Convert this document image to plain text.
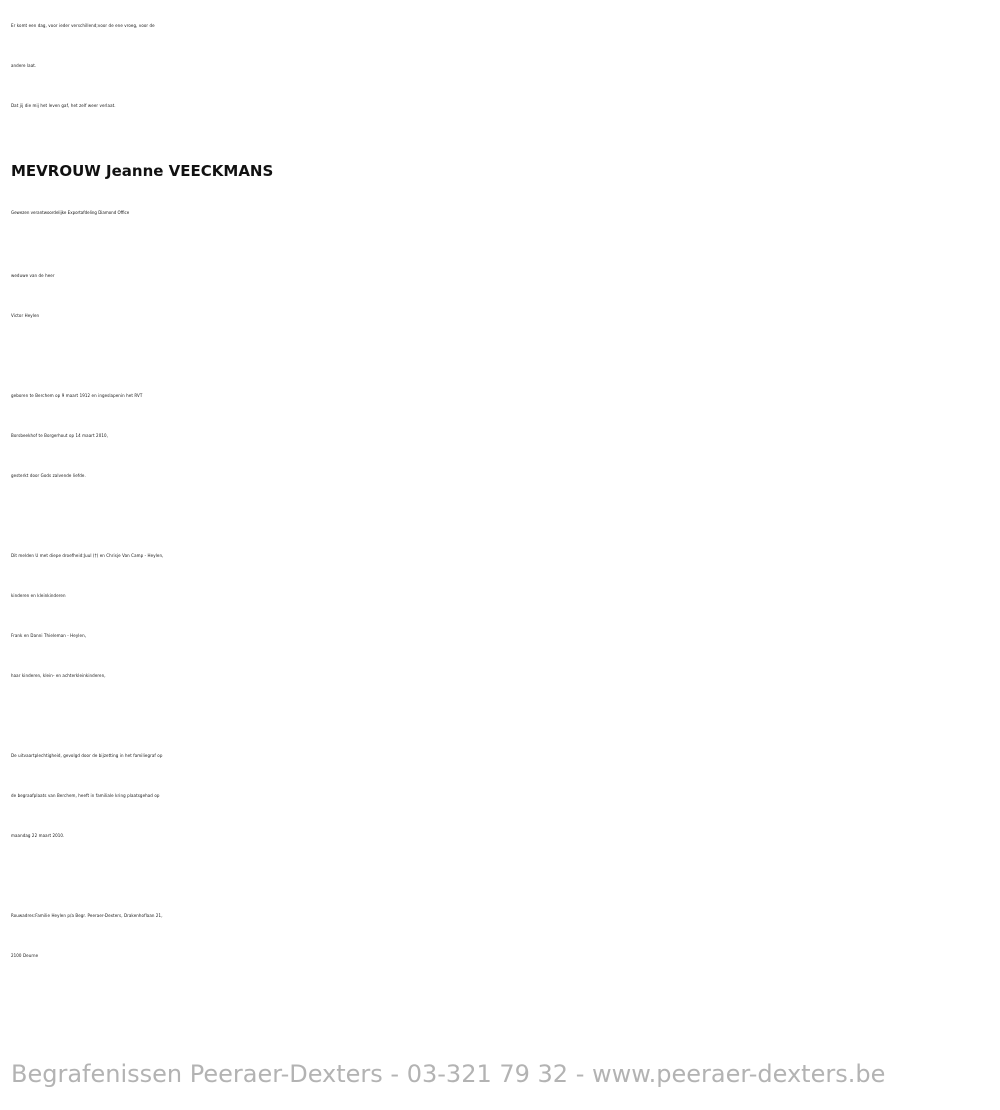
Er komt een dag, voor ieder verschillend;voor de ene vroeg, voor de
andere laat.
Dat jij die mij het leven gaf, het zelf weer verlaat.
MEVROUW Jeanne VEECKMANS
Gewezen verantwoordelijke Exportafdeling Diamond Office
weduwe van de heer
Victor Heylen
geboren te Berchem op 9 maart 1912 en ingeslapenin het RVT
Borsbeekhof te Borgerhout op 14 maart 2010,
gesterkt door Gods zalvende liefde.
Dit melden U met diepe droefheid:Juul (†) en Chrisje Van Camp - Heylen,
kinderen en kleinkinderen
Frank en Danni Thieleman - Heylen,
haar kinderen, klein- en achterkleinkinderen,
De uitvaartplechtigheid, gevolgd door de bijzetting in het familiegraf op
de begraafplaats van Berchem, heeft in familiale kring plaatsgehad op
maandag 22 maart 2010.
Rouwadres:Familie Heylen p/a Begr. Peeraer-Dexters, Drakenhoflaan 21,
2100 Deurne
Begrafenissen Peeraer-Dexters - 03-321 79 32 - www.peeraer-dexters.be
